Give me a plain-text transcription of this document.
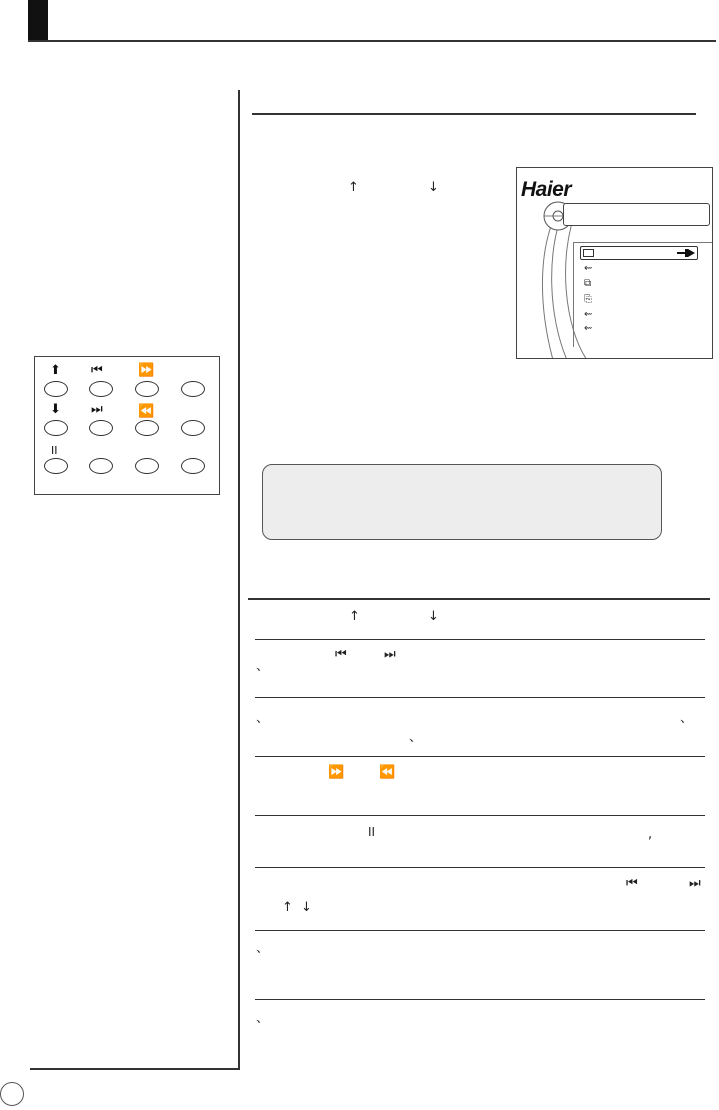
⬆ ⏮	⏩
⬇ ⏭	⏪
II
↑	↓	Haier
⇜
⧉
⎘
⇜
⇜
↑	↓
、
⏮	⏭
、	、
、
⏩	⏪
II	,
⏮	⏭
↑ ↓
、
、
